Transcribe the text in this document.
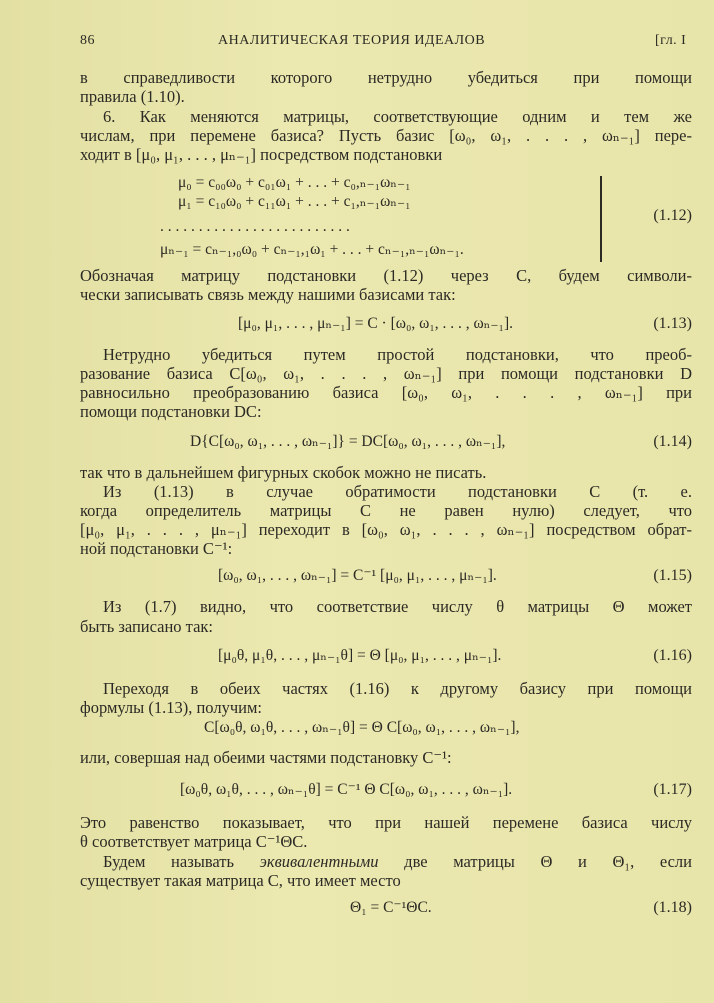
86	АНАЛИТИЧЕСКАЯ ТЕОРИЯ ИДЕАЛОВ	[гл. I
в справедливости которого нетрудно убедиться при помощи
правила (1.10).
6. Как меняются матрицы, соответствующие одним и тем же
числам, при перемене базиса? Пусть базис [ω₀, ω₁, . . . , ωₙ₋₁] пере-
ходит в [μ₀, μ₁, . . . , μₙ₋₁] посредством подстановки
μ₀ = c₀₀ω₀ + c₀₁ω₁ + . . . + c₀,ₙ₋₁ωₙ₋₁
μ₁ = c₁₀ω₀ + c₁₁ω₁ + . . . + c₁,ₙ₋₁ωₙ₋₁
. . . . . . . . . . . . . . . . . . . . . . . . .
μₙ₋₁ = cₙ₋₁,₀ω₀ + cₙ₋₁,₁ω₁ + . . . + cₙ₋₁,ₙ₋₁ωₙ₋₁.
(1.12)
Обозначая матрицу подстановки (1.12) через C, будем символи-
чески записывать связь между нашими базисами так:
[μ₀, μ₁, . . . , μₙ₋₁] = C · [ω₀, ω₁, . . . , ωₙ₋₁].	(1.13)
Нетрудно убедиться путем простой подстановки, что преоб-
разование базиса C[ω₀, ω₁, . . . , ωₙ₋₁] при помощи подстановки D
равносильно преобразованию базиса [ω₀, ω₁, . . . , ωₙ₋₁] при
помощи подстановки DC:
D{C[ω₀, ω₁, . . . , ωₙ₋₁]} = DC[ω₀, ω₁, . . . , ωₙ₋₁],	(1.14)
так что в дальнейшем фигурных скобок можно не писать.
Из (1.13) в случае обратимости подстановки C (т. е.
когда определитель матрицы C не равен нулю) следует, что
[μ₀, μ₁, . . . , μₙ₋₁] переходит в [ω₀, ω₁, . . . , ωₙ₋₁] посредством обрат-
ной подстановки C⁻¹:
[ω₀, ω₁, . . . , ωₙ₋₁] = C⁻¹ [μ₀, μ₁, . . . , μₙ₋₁].	(1.15)
Из (1.7) видно, что соответствие числу θ матрицы Θ может
быть записано так:
[μ₀θ, μ₁θ, . . . , μₙ₋₁θ] = Θ [μ₀, μ₁, . . . , μₙ₋₁].	(1.16)
Переходя в обеих частях (1.16) к другому базису при помощи
формулы (1.13), получим:
C[ω₀θ, ω₁θ, . . . , ωₙ₋₁θ] = Θ C[ω₀, ω₁, . . . , ωₙ₋₁],
или, совершая над обеими частями подстановку C⁻¹:
[ω₀θ, ω₁θ, . . . , ωₙ₋₁θ] = C⁻¹ Θ C[ω₀, ω₁, . . . , ωₙ₋₁].	(1.17)
Это равенство показывает, что при нашей перемене базиса числу
θ соответствует матрица C⁻¹ΘC.
Будем называть эквивалентными две матрицы Θ и Θ₁, если
существует такая матрица C, что имеет место
Θ₁ = C⁻¹ΘC.	(1.18)
